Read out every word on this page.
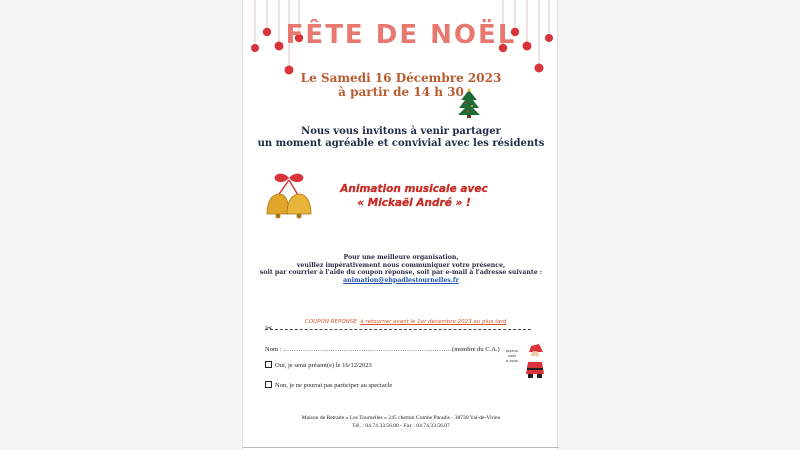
FÊTE DE NOËL
Le Samedi 16 Décembre 2023
à partir de 14 h 30
Nous vous invitons à venir partager
un moment agréable et convivial avec les résidents
Animation musicale avec
« Mickaël André » !
Pour une meilleure organisation,
veuillez impérativement nous communiquer votre présence,
soit par courrier à l'aide du coupon réponse, soit par e-mail à l'adresse suivante :
animation@ehpadlestournelles.fr
COUPON REPONSE à retourner avant le 1er décembre 2023 au plus tard
✂
Nom : ……………………………………………………………………(membre du C.A.)
Oui, je serai présent(e) le 16/12/2023
Non, je ne pourrai pas participer au spectacle
joyeux
noël
à vous
Maison de Retraite « Les Tournelles » 245 chemin Combe Paradis - 38730 Val-de-Virieu
Tél. : 04.74.33.56.00 - Fax : 04.74.33.56.07
